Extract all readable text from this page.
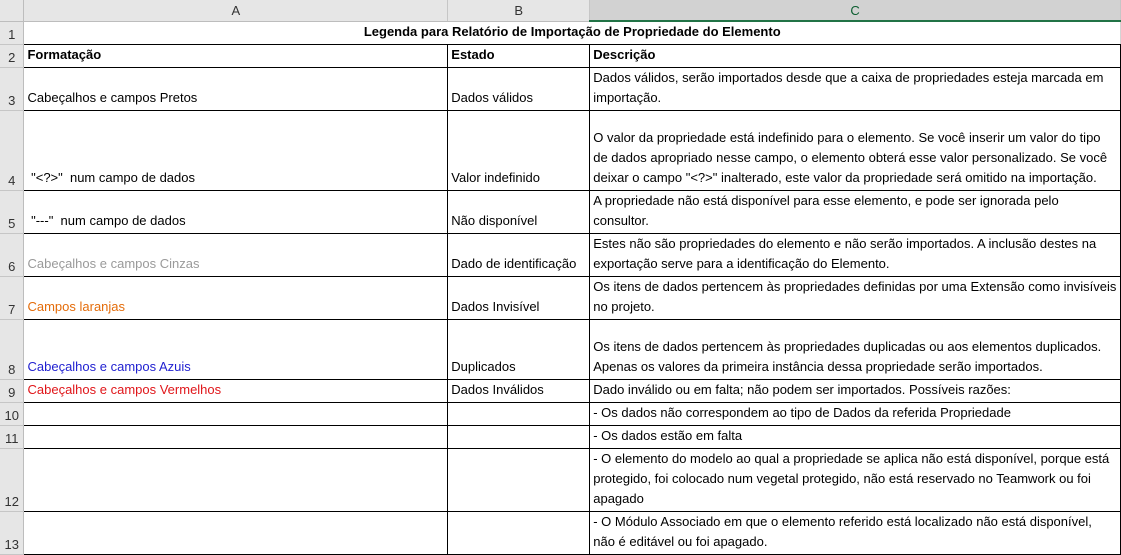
	A	B	C
1	Legenda para Relatório de Importação de Propriedade do Elemento		
2	Formatação	Estado	Descrição
3	Cabeçalhos e campos Pretos	Dados válidos	Dados válidos, serão importados desde que a caixa de propriedades esteja marcada em importação.
4	"<?>"  num campo de dados	Valor indefinido	O valor da propriedade está indefinido para o elemento. Se você inserir um valor do tipo de dados apropriado nesse campo, o elemento obterá esse valor personalizado. Se você deixar o campo "<?>" inalterado, este valor da propriedade será omitido na importação.
5	"---"  num campo de dados	Não disponível	A propriedade não está disponível para esse elemento, e pode ser ignorada pelo consultor.
6	Cabeçalhos e campos Cinzas	Dado de identificação	Estes não são propriedades do elemento e não serão importados. A inclusão destes na exportação serve para a identificação do Elemento.
7	Campos laranjas	Dados Invisível	Os itens de dados pertencem às propriedades definidas por uma Extensão como invisíveis no projeto.
8	Cabeçalhos e campos Azuis	Duplicados	Os itens de dados pertencem às propriedades duplicadas ou aos elementos duplicados. Apenas os valores da primeira instância dessa propriedade serão importados.
9	Cabeçalhos e campos Vermelhos	Dados Inválidos	Dado inválido ou em falta; não podem ser importados. Possíveis razões:
10			- Os dados não correspondem ao tipo de Dados da referida Propriedade
11			- Os dados estão em falta
12			- O elemento do modelo ao qual a propriedade se aplica não está disponível, porque está protegido, foi colocado num vegetal protegido, não está reservado no Teamwork ou foi apagado
13			- O Módulo Associado em que o elemento referido está localizado não está disponível, não é editável ou foi apagado.
